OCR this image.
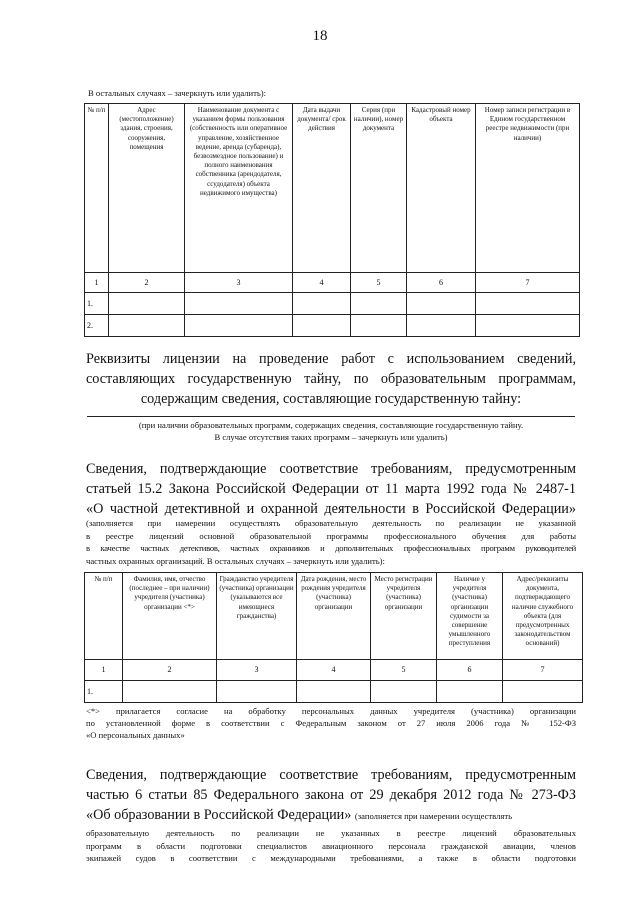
18
В остальных случаях – зачеркнуть или удалить):
№ п/п	Адрес (местоположение) здания, строения, сооружения, помещения	Наименование документа с указанием формы пользования (собственность или оперативное управление, хозяйственное ведение, аренда (субаренда), безвозмездное пользование) и полного наименования собственника (арендодателя, ссудодателя) объекта недвижимого имущества)	Дата выдачи документа/ срок действия	Серия (при наличии), номер документа	Кадастровый номер объекта	Номер записи регистрации в Едином государственном реестре недвижимости (при наличии)
1	2	3	4	5	6	7
1.						
2.						
Реквизиты лицензии на проведение работ с использованием сведений,
составляющих государственную тайну, по образовательным программам,
содержащим сведения, составляющие государственную тайну:
(при наличии образовательных программ, содержащих сведения, составляющие государственную тайну.
В случае отсутствия таких программ – зачеркнуть или удалить)
Сведения, подтверждающие соответствие требованиям, предусмотренным
статьей 15.2 Закона Российской Федерации от 11 марта 1992 года № 2487-1
«О частной детективной и охранной деятельности в Российской Федерации»
(заполняется при намерении осуществлять образовательную деятельность по реализации не указанной
в реестре лицензий основной образовательной программы профессионального обучения для работы
в качестве частных детективов, частных охранников и дополнительных профессиональных программ руководителей
частных охранных организаций. В остальных случаях – зачеркнуть или удалить):
№ п/п	Фамилия, имя, отчество (последнее – при наличии) учредителя (участника) организации <*>	Гражданство учредителя (участника) организации (указываются все имеющиеся гражданства)	Дата рождения, место рождения учредителя (участника) организации	Место регистрации учредителя (участника) организации	Наличие у учредителя (участника) организации судимости за совершение умышленного преступления	Адрес/реквизиты документа, подтверждающего наличие служебного объекта (для предусмотренных законодательством оснований)
1	2	3	4	5	6	7
1.						
<*> прилагается согласие на обработку персональных данных учредителя (участника) организации
по установленной форме в соответствии с Федеральным законом от 27 июля 2006 года № 152-ФЗ
«О персональных данных»
Сведения, подтверждающие соответствие требованиям, предусмотренным
частью 6 статьи 85 Федерального закона от 29 декабря 2012 года № 273-ФЗ
«Об образовании в Российской Федерации» (заполняется при намерении осуществлять
образовательную деятельность по реализации не указанных в реестре лицензий образовательных
программ в области подготовки специалистов авиационного персонала гражданской авиации, членов
экипажей судов в соответствии с международными требованиями, а также в области подготовки
